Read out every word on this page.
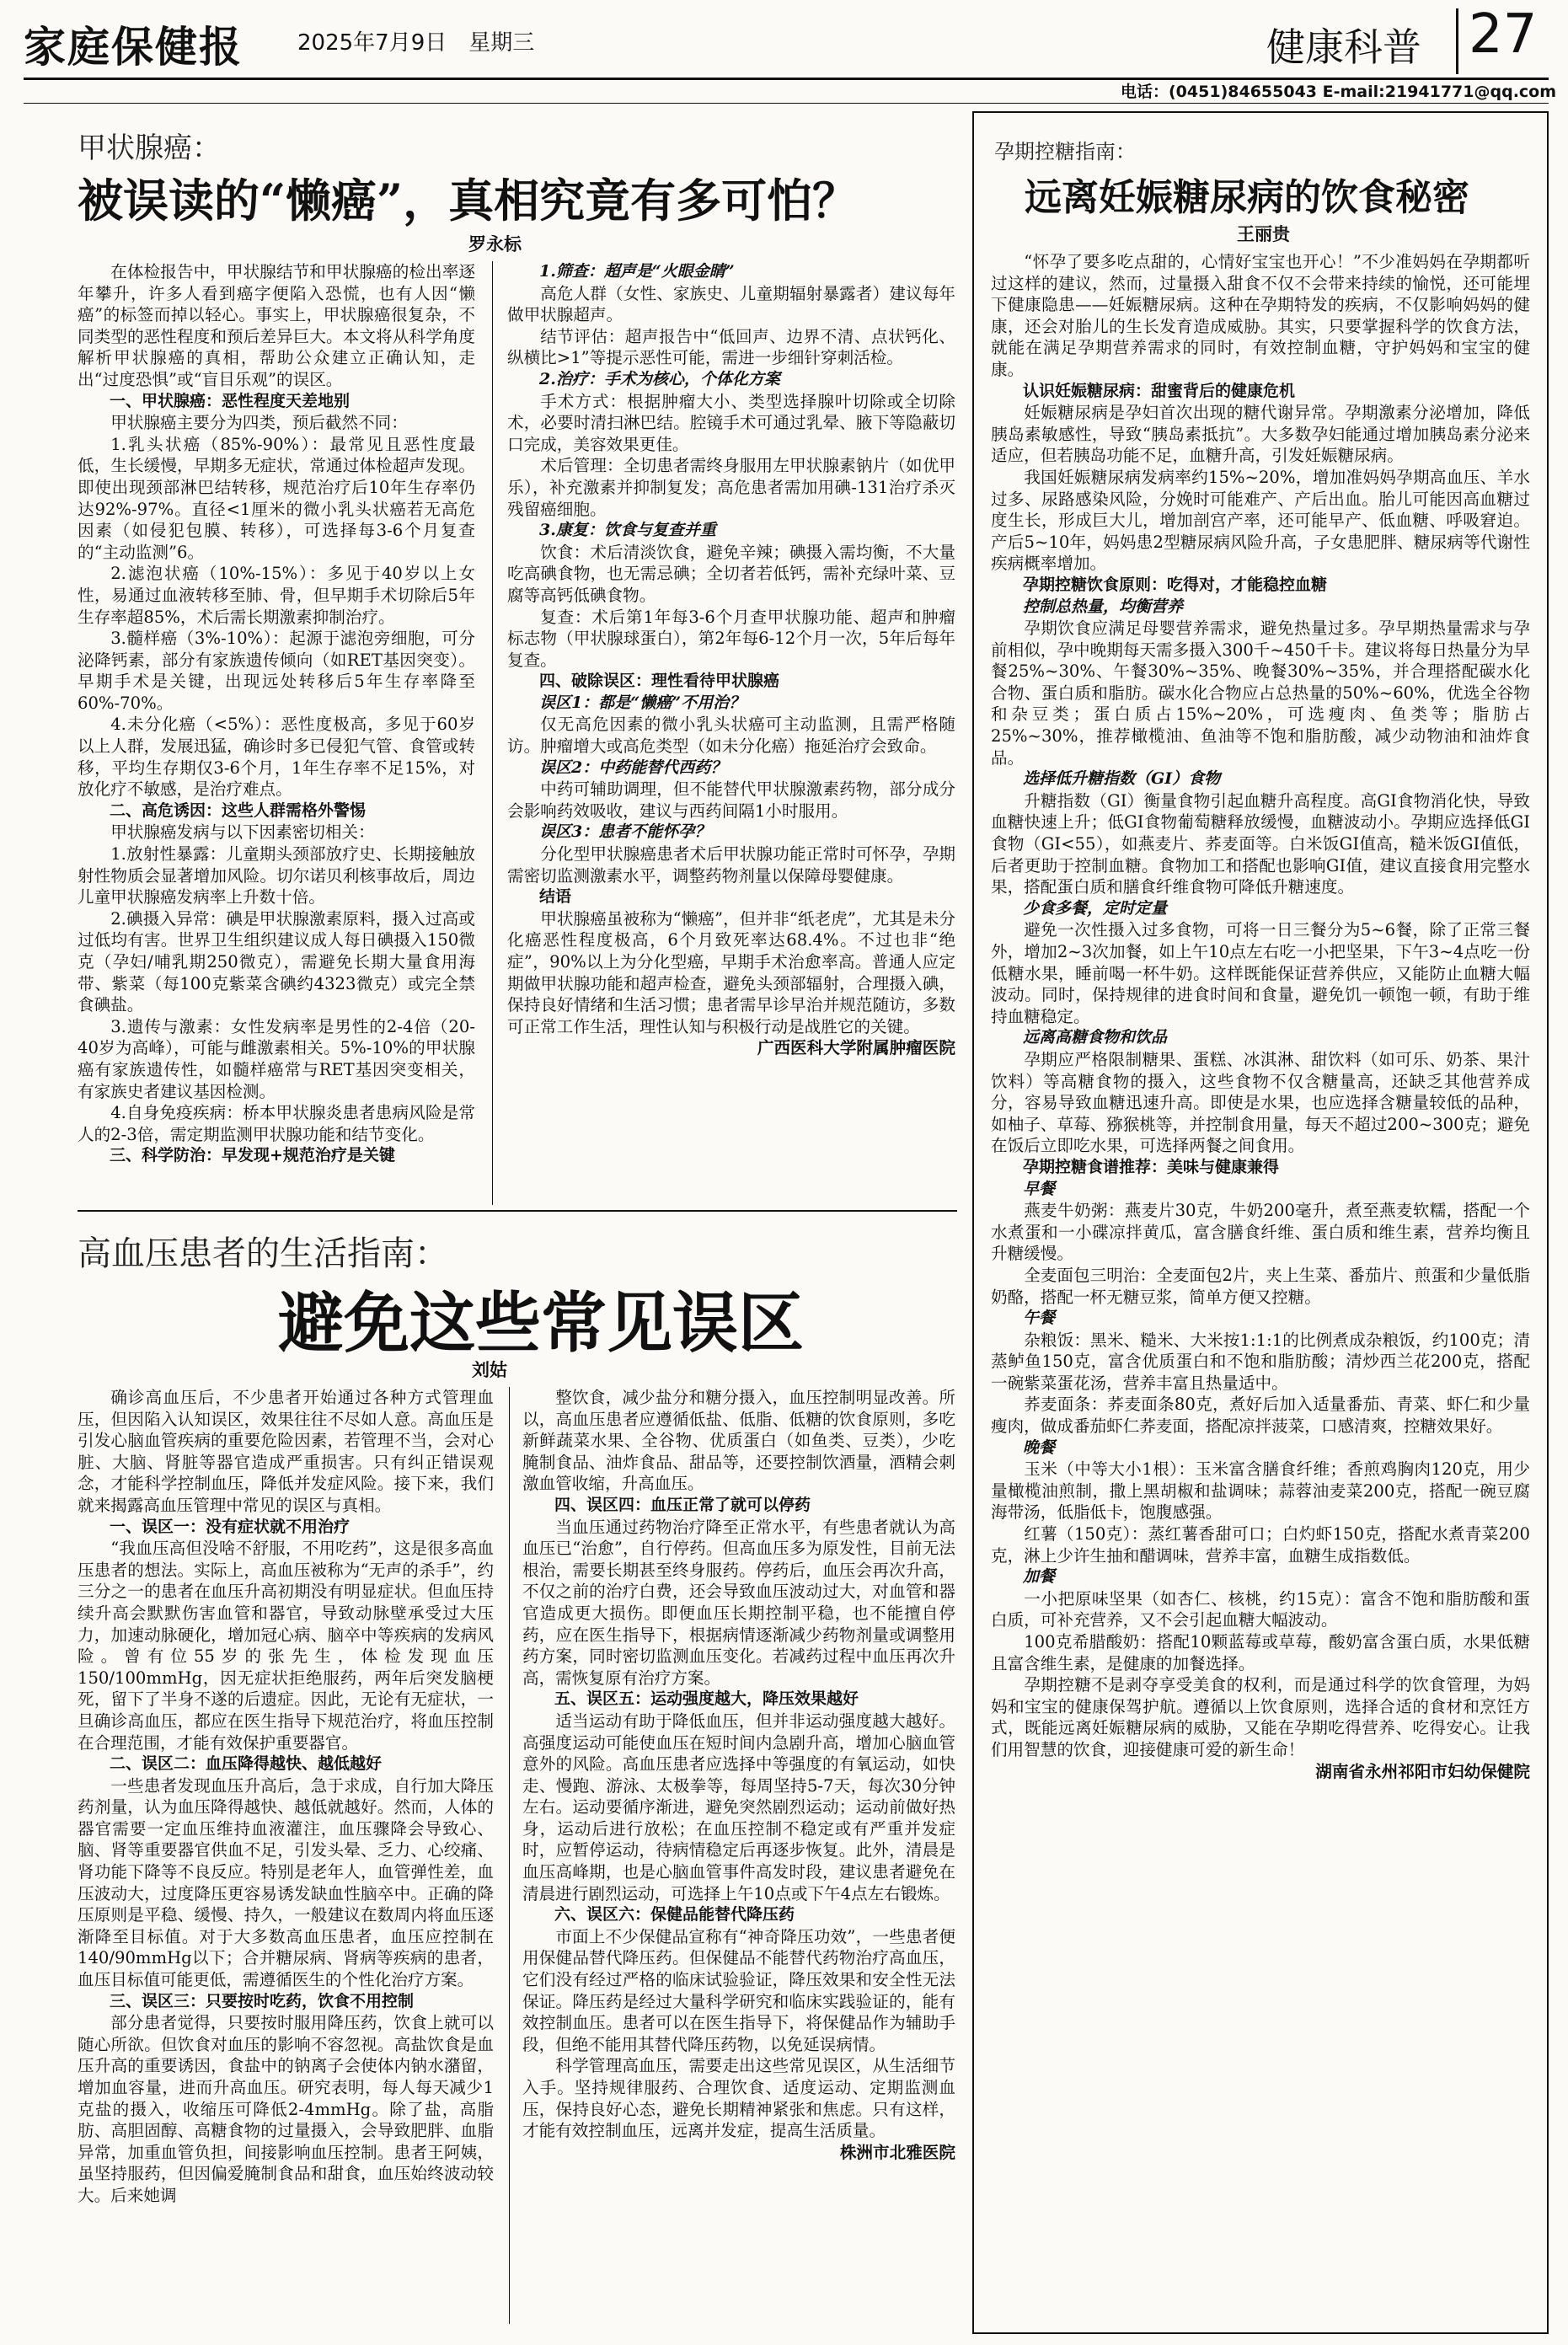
家庭保健报	2025年7月9日　星期三	健康科普 27
电话：(0451)84655043 E-mail:21941771@qq.com
甲状腺癌：
被误读的“懒癌”，真相究竟有多可怕？
罗永标

在体检报告中，甲状腺结节和甲状腺癌的检出率逐年攀升，许多人看到癌字便陷入恐慌，也有人因“懒癌”的标签而掉以轻心。事实上，甲状腺癌很复杂，不同类型的恶性程度和预后差异巨大。本文将从科学角度解析甲状腺癌的真相，帮助公众建立正确认知，走出“过度恐惧”或“盲目乐观”的误区。

一、甲状腺癌：恶性程度天差地别

甲状腺癌主要分为四类，预后截然不同：

1.乳头状癌（85%-90%）：最常见且恶性度最低，生长缓慢，早期多无症状，常通过体检超声发现。即使出现颈部淋巴结转移，规范治疗后10年生存率仍达92%-97%。直径<1厘米的微小乳头状癌若无高危因素（如侵犯包膜、转移），可选择每3-6个月复查的“主动监测”6。

2.滤泡状癌（10%-15%）：多见于40岁以上女性，易通过血液转移至肺、骨，但早期手术切除后5年生存率超85%，术后需长期激素抑制治疗。

3.髓样癌（3%-10%）：起源于滤泡旁细胞，可分泌降钙素，部分有家族遗传倾向（如RET基因突变）。早期手术是关键，出现远处转移后5年生存率降至60%-70%。

4.未分化癌（<5%）：恶性度极高，多见于60岁以上人群，发展迅猛，确诊时多已侵犯气管、食管或转移，平均生存期仅3-6个月，1年生存率不足15%，对放化疗不敏感，是治疗难点。

二、高危诱因：这些人群需格外警惕

甲状腺癌发病与以下因素密切相关：

1.放射性暴露：儿童期头颈部放疗史、长期接触放射性物质会显著增加风险。切尔诺贝利核事故后，周边儿童甲状腺癌发病率上升数十倍。

2.碘摄入异常：碘是甲状腺激素原料，摄入过高或过低均有害。世界卫生组织建议成人每日碘摄入150微克（孕妇/哺乳期250微克），需避免长期大量食用海带、紫菜（每100克紫菜含碘约4323微克）或完全禁食碘盐。

3.遗传与激素：女性发病率是男性的2-4倍（20-40岁为高峰），可能与雌激素相关。5%-10%的甲状腺癌有家族遗传性，如髓样癌常与RET基因突变相关，有家族史者建议基因检测。

4.自身免疫疾病：桥本甲状腺炎患者患病风险是常人的2-3倍，需定期监测甲状腺功能和结节变化。

三、科学防治：早发现+规范治疗是关键

1.筛查：超声是“火眼金睛”

高危人群（女性、家族史、儿童期辐射暴露者）建议每年做甲状腺超声。

结节评估：超声报告中“低回声、边界不清、点状钙化、纵横比>1”等提示恶性可能，需进一步细针穿刺活检。

2.治疗：手术为核心，个体化方案

手术方式：根据肿瘤大小、类型选择腺叶切除或全切除术，必要时清扫淋巴结。腔镜手术可通过乳晕、腋下等隐蔽切口完成，美容效果更佳。

术后管理：全切患者需终身服用左甲状腺素钠片（如优甲乐），补充激素并抑制复发；高危患者需加用碘-131治疗杀灭残留癌细胞。

3.康复：饮食与复查并重

饮食：术后清淡饮食，避免辛辣；碘摄入需均衡，不大量吃高碘食物，也无需忌碘；全切者若低钙，需补充绿叶菜、豆腐等高钙低碘食物。

复查：术后第1年每3-6个月查甲状腺功能、超声和肿瘤标志物（甲状腺球蛋白），第2年每6-12个月一次，5年后每年复查。

四、破除误区：理性看待甲状腺癌

误区1：都是“懒癌”不用治？

仅无高危因素的微小乳头状癌可主动监测，且需严格随访。肿瘤增大或高危类型（如未分化癌）拖延治疗会致命。

误区2：中药能替代西药？

中药可辅助调理，但不能替代甲状腺激素药物，部分成分会影响药效吸收，建议与西药间隔1小时服用。

误区3：患者不能怀孕？

分化型甲状腺癌患者术后甲状腺功能正常时可怀孕，孕期需密切监测激素水平，调整药物剂量以保障母婴健康。

结语

甲状腺癌虽被称为“懒癌”，但并非“纸老虎”，尤其是未分化癌恶性程度极高，6个月致死率达68.4%。不过也非“绝症”，90%以上为分化型癌，早期手术治愈率高。普通人应定期做甲状腺功能和超声检查，避免头颈部辐射，合理摄入碘，保持良好情绪和生活习惯；患者需早诊早治并规范随访，多数可正常工作生活，理性认知与积极行动是战胜它的关键。

广西医科大学附属肿瘤医院

高血压患者的生活指南：
避免这些常见误区
刘姑

确诊高血压后，不少患者开始通过各种方式管理血压，但因陷入认知误区，效果往往不尽如人意。高血压是引发心脑血管疾病的重要危险因素，若管理不当，会对心脏、大脑、肾脏等器官造成严重损害。只有纠正错误观念，才能科学控制血压，降低并发症风险。接下来，我们就来揭露高血压管理中常见的误区与真相。

一、误区一：没有症状就不用治疗

“我血压高但没啥不舒服，不用吃药”，这是很多高血压患者的想法。实际上，高血压被称为“无声的杀手”，约三分之一的患者在血压升高初期没有明显症状。但血压持续升高会默默伤害血管和器官，导致动脉壁承受过大压力，加速动脉硬化，增加冠心病、脑卒中等疾病的发病风险。曾有位55岁的张先生，体检发现血压150/100mmHg，因无症状拒绝服药，两年后突发脑梗死，留下了半身不遂的后遗症。因此，无论有无症状，一旦确诊高血压，都应在医生指导下规范治疗，将血压控制在合理范围，才能有效保护重要器官。

二、误区二：血压降得越快、越低越好

一些患者发现血压升高后，急于求成，自行加大降压药剂量，认为血压降得越快、越低就越好。然而，人体的器官需要一定血压维持血液灌注，血压骤降会导致心、脑、肾等重要器官供血不足，引发头晕、乏力、心绞痛、肾功能下降等不良反应。特别是老年人，血管弹性差，血压波动大，过度降压更容易诱发缺血性脑卒中。正确的降压原则是平稳、缓慢、持久，一般建议在数周内将血压逐渐降至目标值。对于大多数高血压患者，血压应控制在140/90mmHg以下；合并糖尿病、肾病等疾病的患者，血压目标值可能更低，需遵循医生的个性化治疗方案。

三、误区三：只要按时吃药，饮食不用控制

部分患者觉得，只要按时服用降压药，饮食上就可以随心所欲。但饮食对血压的影响不容忽视。高盐饮食是血压升高的重要诱因，食盐中的钠离子会使体内钠水潴留，增加血容量，进而升高血压。研究表明，每人每天减少1克盐的摄入，收缩压可降低2-4mmHg。除了盐，高脂肪、高胆固醇、高糖食物的过量摄入，会导致肥胖、血脂异常，加重血管负担，间接影响血压控制。患者王阿姨，虽坚持服药，但因偏爱腌制食品和甜食，血压始终波动较大。后来她调

整饮食，减少盐分和糖分摄入，血压控制明显改善。所以，高血压患者应遵循低盐、低脂、低糖的饮食原则，多吃新鲜蔬菜水果、全谷物、优质蛋白（如鱼类、豆类），少吃腌制食品、油炸食品、甜品等，还要控制饮酒量，酒精会刺激血管收缩，升高血压。

四、误区四：血压正常了就可以停药

当血压通过药物治疗降至正常水平，有些患者就认为高血压已“治愈”，自行停药。但高血压多为原发性，目前无法根治，需要长期甚至终身服药。停药后，血压会再次升高，不仅之前的治疗白费，还会导致血压波动过大，对血管和器官造成更大损伤。即便血压长期控制平稳，也不能擅自停药，应在医生指导下，根据病情逐渐减少药物剂量或调整用药方案，同时密切监测血压变化。若减药过程中血压再次升高，需恢复原有治疗方案。

五、误区五：运动强度越大，降压效果越好

适当运动有助于降低血压，但并非运动强度越大越好。高强度运动可能使血压在短时间内急剧升高，增加心脑血管意外的风险。高血压患者应选择中等强度的有氧运动，如快走、慢跑、游泳、太极拳等，每周坚持5-7天，每次30分钟左右。运动要循序渐进，避免突然剧烈运动；运动前做好热身，运动后进行放松；在血压控制不稳定或有严重并发症时，应暂停运动，待病情稳定后再逐步恢复。此外，清晨是血压高峰期，也是心脑血管事件高发时段，建议患者避免在清晨进行剧烈运动，可选择上午10点或下午4点左右锻炼。

六、误区六：保健品能替代降压药

市面上不少保健品宣称有“神奇降压功效”，一些患者便用保健品替代降压药。但保健品不能替代药物治疗高血压，它们没有经过严格的临床试验验证，降压效果和安全性无法保证。降压药是经过大量科学研究和临床实践验证的，能有效控制血压。患者可以在医生指导下，将保健品作为辅助手段，但绝不能用其替代降压药物，以免延误病情。

科学管理高血压，需要走出这些常见误区，从生活细节入手。坚持规律服药、合理饮食、适度运动、定期监测血压，保持良好心态，避免长期精神紧张和焦虑。只有这样，才能有效控制血压，远离并发症，提高生活质量。

株洲市北雅医院

孕期控糖指南：
远离妊娠糖尿病的饮食秘密
王丽贵

“怀孕了要多吃点甜的，心情好宝宝也开心！”不少准妈妈在孕期都听过这样的建议，然而，过量摄入甜食不仅不会带来持续的愉悦，还可能埋下健康隐患——妊娠糖尿病。这种在孕期特发的疾病，不仅影响妈妈的健康，还会对胎儿的生长发育造成威胁。其实，只要掌握科学的饮食方法，就能在满足孕期营养需求的同时，有效控制血糖，守护妈妈和宝宝的健康。

认识妊娠糖尿病：甜蜜背后的健康危机

妊娠糖尿病是孕妇首次出现的糖代谢异常。孕期激素分泌增加，降低胰岛素敏感性，导致“胰岛素抵抗”。大多数孕妇能通过增加胰岛素分泌来适应，但若胰岛功能不足，血糖升高，引发妊娠糖尿病。

我国妊娠糖尿病发病率约15%~20%，增加准妈妈孕期高血压、羊水过多、尿路感染风险，分娩时可能难产、产后出血。胎儿可能因高血糖过度生长，形成巨大儿，增加剖宫产率，还可能早产、低血糖、呼吸窘迫。产后5~10年，妈妈患2型糖尿病风险升高，子女患肥胖、糖尿病等代谢性疾病概率增加。

孕期控糖饮食原则：吃得对，才能稳控血糖

控制总热量，均衡营养

孕期饮食应满足母婴营养需求，避免热量过多。孕早期热量需求与孕前相似，孕中晚期每天需多摄入300千~450千卡。建议将每日热量分为早餐25%~30%、午餐30%~35%、晚餐30%~35%，并合理搭配碳水化合物、蛋白质和脂肪。碳水化合物应占总热量的50%~60%，优选全谷物和杂豆类；蛋白质占15%~20%，可选瘦肉、鱼类等；脂肪占25%~30%，推荐橄榄油、鱼油等不饱和脂肪酸，减少动物油和油炸食品。

选择低升糖指数（GI）食物

升糖指数（GI）衡量食物引起血糖升高程度。高GI食物消化快，导致血糖快速上升；低GI食物葡萄糖释放缓慢，血糖波动小。孕期应选择低GI食物（GI<55），如燕麦片、荞麦面等。白米饭GI值高，糙米饭GI值低，后者更助于控制血糖。食物加工和搭配也影响GI值，建议直接食用完整水果，搭配蛋白质和膳食纤维食物可降低升糖速度。

少食多餐，定时定量

避免一次性摄入过多食物，可将一日三餐分为5~6餐，除了正常三餐外，增加2~3次加餐，如上午10点左右吃一小把坚果，下午3~4点吃一份低糖水果，睡前喝一杯牛奶。这样既能保证营养供应，又能防止血糖大幅波动。同时，保持规律的进食时间和食量，避免饥一顿饱一顿，有助于维持血糖稳定。

远离高糖食物和饮品

孕期应严格限制糖果、蛋糕、冰淇淋、甜饮料（如可乐、奶茶、果汁饮料）等高糖食物的摄入，这些食物不仅含糖量高，还缺乏其他营养成分，容易导致血糖迅速升高。即使是水果，也应选择含糖量较低的品种，如柚子、草莓、猕猴桃等，并控制食用量，每天不超过200~300克；避免在饭后立即吃水果，可选择两餐之间食用。

孕期控糖食谱推荐：美味与健康兼得

早餐

燕麦牛奶粥：燕麦片30克，牛奶200毫升，煮至燕麦软糯，搭配一个水煮蛋和一小碟凉拌黄瓜，富含膳食纤维、蛋白质和维生素，营养均衡且升糖缓慢。

全麦面包三明治：全麦面包2片，夹上生菜、番茄片、煎蛋和少量低脂奶酪，搭配一杯无糖豆浆，简单方便又控糖。

午餐

杂粮饭：黑米、糙米、大米按1:1:1的比例煮成杂粮饭，约100克；清蒸鲈鱼150克，富含优质蛋白和不饱和脂肪酸；清炒西兰花200克，搭配一碗紫菜蛋花汤，营养丰富且热量适中。

荞麦面条：荞麦面条80克，煮好后加入适量番茄、青菜、虾仁和少量瘦肉，做成番茄虾仁荞麦面，搭配凉拌菠菜，口感清爽，控糖效果好。

晚餐

玉米（中等大小1根）：玉米富含膳食纤维；香煎鸡胸肉120克，用少量橄榄油煎制，撒上黑胡椒和盐调味；蒜蓉油麦菜200克，搭配一碗豆腐海带汤，低脂低卡，饱腹感强。

红薯（150克）：蒸红薯香甜可口；白灼虾150克，搭配水煮青菜200克，淋上少许生抽和醋调味，营养丰富，血糖生成指数低。

加餐

一小把原味坚果（如杏仁、核桃，约15克）：富含不饱和脂肪酸和蛋白质，可补充营养，又不会引起血糖大幅波动。

100克希腊酸奶：搭配10颗蓝莓或草莓，酸奶富含蛋白质，水果低糖且富含维生素，是健康的加餐选择。

孕期控糖不是剥夺享受美食的权利，而是通过科学的饮食管理，为妈妈和宝宝的健康保驾护航。遵循以上饮食原则，选择合适的食材和烹饪方式，既能远离妊娠糖尿病的威胁，又能在孕期吃得营养、吃得安心。让我们用智慧的饮食，迎接健康可爱的新生命！

湖南省永州祁阳市妇幼保健院
